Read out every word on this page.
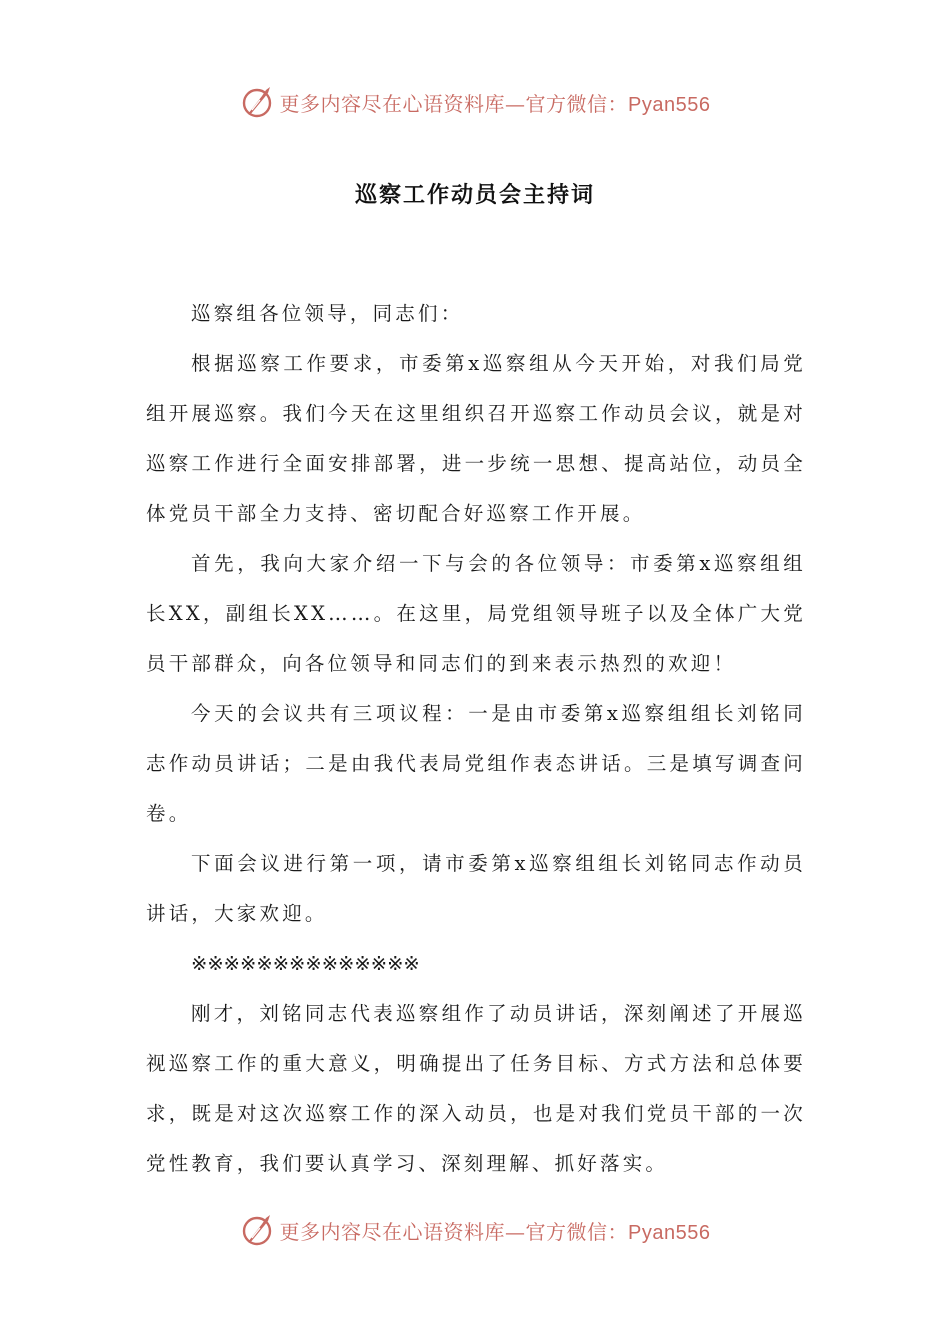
更多内容尽在心语资料库—官方微信：Pyan556
巡察工作动员会主持词

巡察组各位领导，同志们：

根据巡察工作要求，市委第x巡察组从今天开始，对我们局党组开展巡察。我们今天在这里组织召开巡察工作动员会议，就是对巡察工作进行全面安排部署，进一步统一思想、提高站位，动员全体党员干部全力支持、密切配合好巡察工作开展。

首先，我向大家介绍一下与会的各位领导：市委第x巡察组组长XX，副组长XX……。在这里，局党组领导班子以及全体广大党员干部群众，向各位领导和同志们的到来表示热烈的欢迎！

今天的会议共有三项议程：一是由市委第x巡察组组长刘铭同志作动员讲话；二是由我代表局党组作表态讲话。三是填写调查问卷。

下面会议进行第一项，请市委第x巡察组组长刘铭同志作动员讲话，大家欢迎。

※※※※※※※※※※※※※※

刚才，刘铭同志代表巡察组作了动员讲话，深刻阐述了开展巡视巡察工作的重大意义，明确提出了任务目标、方式方法和总体要求，既是对这次巡察工作的深入动员，也是对我们党员干部的一次党性教育，我们要认真学习、深刻理解、抓好落实。

更多内容尽在心语资料库—官方微信：Pyan556
